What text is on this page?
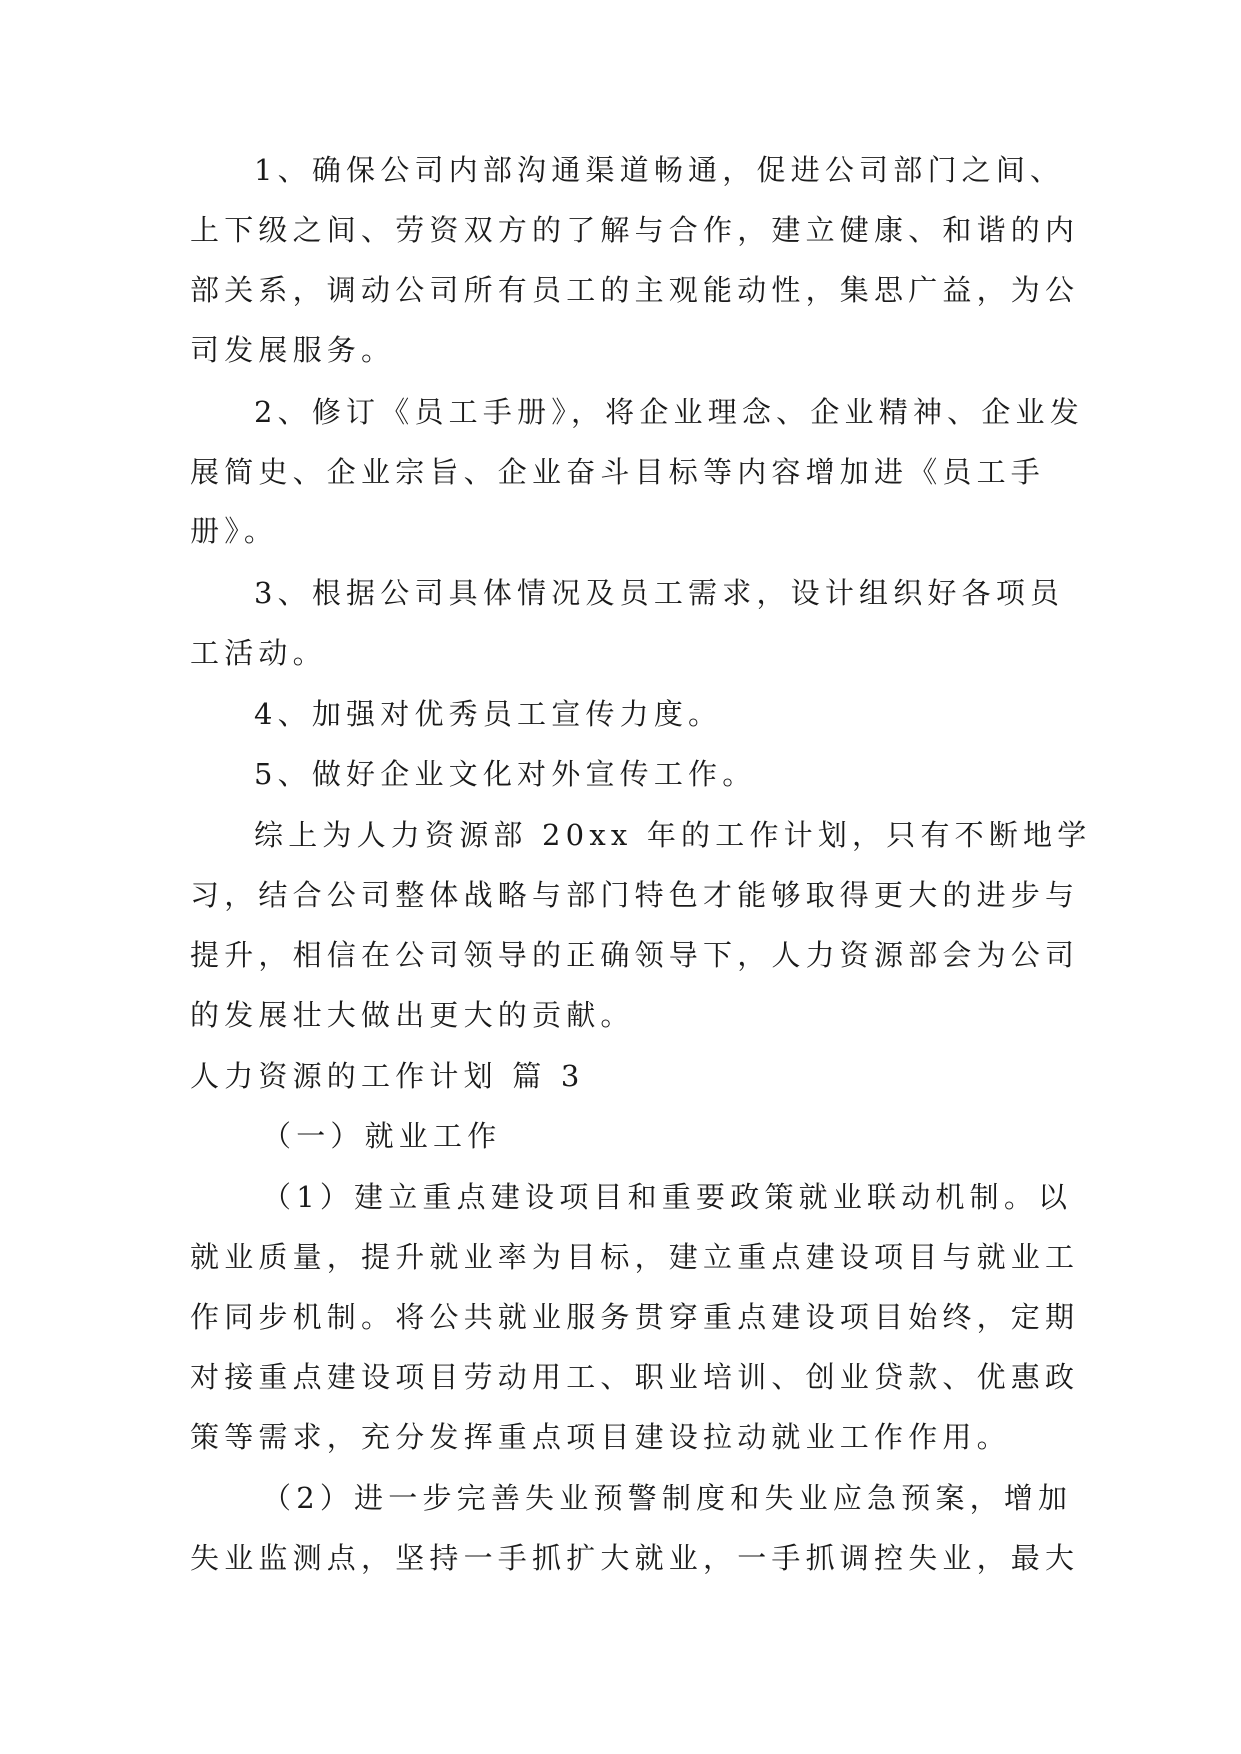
1、确保公司内部沟通渠道畅通，促进公司部门之间、
上下级之间、劳资双方的了解与合作，建立健康、和谐的内
部关系，调动公司所有员工的主观能动性，集思广益，为公
司发展服务。
2、修订《员工手册》，将企业理念、企业精神、企业发
展简史、企业宗旨、企业奋斗目标等内容增加进《员工手
册》。
3、根据公司具体情况及员工需求，设计组织好各项员
工活动。
4、加强对优秀员工宣传力度。
5、做好企业文化对外宣传工作。
综上为人力资源部 20xx 年的工作计划，只有不断地学
习，结合公司整体战略与部门特色才能够取得更大的进步与
提升，相信在公司领导的正确领导下，人力资源部会为公司
的发展壮大做出更大的贡献。
人力资源的工作计划 篇 3
（一）就业工作
（1）建立重点建设项目和重要政策就业联动机制。以
就业质量，提升就业率为目标，建立重点建设项目与就业工
作同步机制。将公共就业服务贯穿重点建设项目始终，定期
对接重点建设项目劳动用工、职业培训、创业贷款、优惠政
策等需求，充分发挥重点项目建设拉动就业工作作用。
（2）进一步完善失业预警制度和失业应急预案，增加
失业监测点，坚持一手抓扩大就业，一手抓调控失业，最大
